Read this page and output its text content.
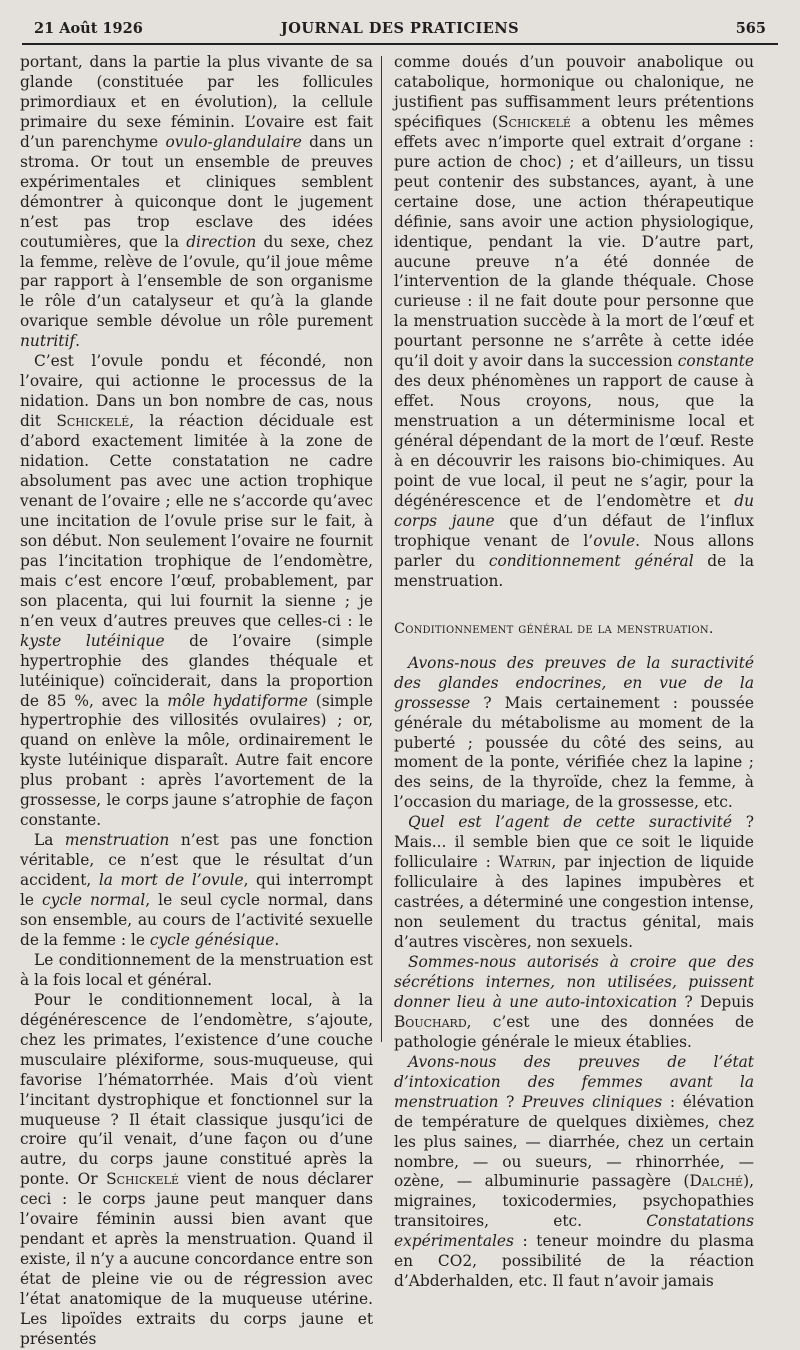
21 Août 1926	JOURNAL DES PRATICIENS	565

portant, dans la partie la plus vivante de sa glande (constituée par les follicules primordiaux et en évolution), la cellule primaire du sexe féminin. L’ovaire est fait d’un parenchyme ovulo-glandulaire dans un stroma. Or tout un ensemble de preuves expérimentales et cliniques semblent démontrer à quiconque dont le jugement n’est pas trop esclave des idées coutumières, que la direction du sexe, chez la femme, relève de l’ovule, qu’il joue même par rapport à l’ensemble de son organisme le rôle d’un catalyseur et qu’à la glande ovarique semble dévolue un rôle purement nutritif.

C’est l’ovule pondu et fécondé, non l’ovaire, qui actionne le processus de la nidation. Dans un bon nombre de cas, nous dit Schickelé, la réaction déciduale est d’abord exactement limitée à la zone de nidation. Cette constatation ne cadre absolument pas avec une action trophique venant de l’ovaire ; elle ne s’accorde qu’avec une incitation de l’ovule prise sur le fait, à son début. Non seulement l’ovaire ne fournit pas l’incitation trophique de l’endomètre, mais c’est encore l’œuf, probablement, par son placenta, qui lui fournit la sienne ; je n’en veux d’autres preuves que celles-ci : le kyste lutéinique de l’ovaire (simple hypertrophie des glandes théquale et lutéinique) coïnciderait, dans la proportion de 85 %, avec la môle hydatiforme (simple hypertrophie des villosités ovulaires) ; or, quand on enlève la môle, ordinairement le kyste lutéinique disparaît. Autre fait encore plus probant : après l’avortement de la grossesse, le corps jaune s’atrophie de façon constante.

La menstruation n’est pas une fonction véritable, ce n’est que le résultat d’un accident, la mort de l’ovule, qui interrompt le cycle normal, le seul cycle normal, dans son ensemble, au cours de l’activité sexuelle de la femme : le cycle génésique.

Le conditionnement de la menstruation est à la fois local et général.

Pour le conditionnement local, à la dégénérescence de l’endomètre, s’ajoute, chez les primates, l’existence d’une couche musculaire pléxiforme, sous-muqueuse, qui favorise l’hématorrhée. Mais d’où vient l’incitant dystrophique et fonctionnel sur la muqueuse ? Il était classique jusqu’ici de croire qu’il venait, d’une façon ou d’une autre, du corps jaune constitué après la ponte. Or Schickelé vient de nous déclarer ceci : le corps jaune peut manquer dans l’ovaire féminin aussi bien avant que pendant et après la menstruation. Quand il existe, il n’y a aucune concordance entre son état de pleine vie ou de régression avec l’état anatomique de la muqueuse utérine. Les lipoïdes extraits du corps jaune et présentés

comme doués d’un pouvoir anabolique ou catabolique, hormonique ou chalonique, ne justifient pas suffisamment leurs prétentions spécifiques (Schickelé a obtenu les mêmes effets avec n’importe quel extrait d’organe : pure action de choc) ; et d’ailleurs, un tissu peut contenir des substances, ayant, à une certaine dose, une action thérapeutique définie, sans avoir une action physiologique, identique, pendant la vie. D’autre part, aucune preuve n’a été donnée de l’intervention de la glande théquale. Chose curieuse : il ne fait doute pour personne que la menstruation succède à la mort de l’œuf et pourtant personne ne s’arrête à cette idée qu’il doit y avoir dans la succession constante des deux phénomènes un rapport de cause à effet. Nous croyons, nous, que la menstruation a un déterminisme local et général dépendant de la mort de l’œuf. Reste à en découvrir les raisons bio-chimiques. Au point de vue local, il peut ne s’agir, pour la dégénérescence et de l’endomètre et du corps jaune que d’un défaut de l’influx trophique venant de l’ovule. Nous allons parler du conditionnement général de la menstruation.

Conditionnement général de la menstruation.

Avons-nous des preuves de la suractivité des glandes endocrines, en vue de la grossesse ? Mais certainement : poussée générale du métabolisme au moment de la puberté ; poussée du côté des seins, au moment de la ponte, vérifiée chez la lapine ; des seins, de la thyroïde, chez la femme, à l’occasion du mariage, de la grossesse, etc.

Quel est l’agent de cette suractivité ? Mais... il semble bien que ce soit le liquide folliculaire : Watrin, par injection de liquide folliculaire à des lapines impubères et castrées, a déterminé une congestion intense, non seulement du tractus génital, mais d’autres viscères, non sexuels.

Sommes-nous autorisés à croire que des sécrétions internes, non utilisées, puissent donner lieu à une auto-intoxication ? Depuis Bouchard, c’est une des données de pathologie générale le mieux établies.

Avons-nous des preuves de l’état d’intoxication des femmes avant la menstruation ? Preuves cliniques : élévation de température de quelques dixièmes, chez les plus saines, — diarrhée, chez un certain nombre, — ou sueurs, — rhinorrhée, — ozène, — albuminurie passagère (Dalché), migraines, toxicodermies, psychopathies transitoires, etc. Constatations expérimentales : teneur moindre du plasma en CO2, possibilité de la réaction d’Abderhalden, etc. Il faut n’avoir jamais
